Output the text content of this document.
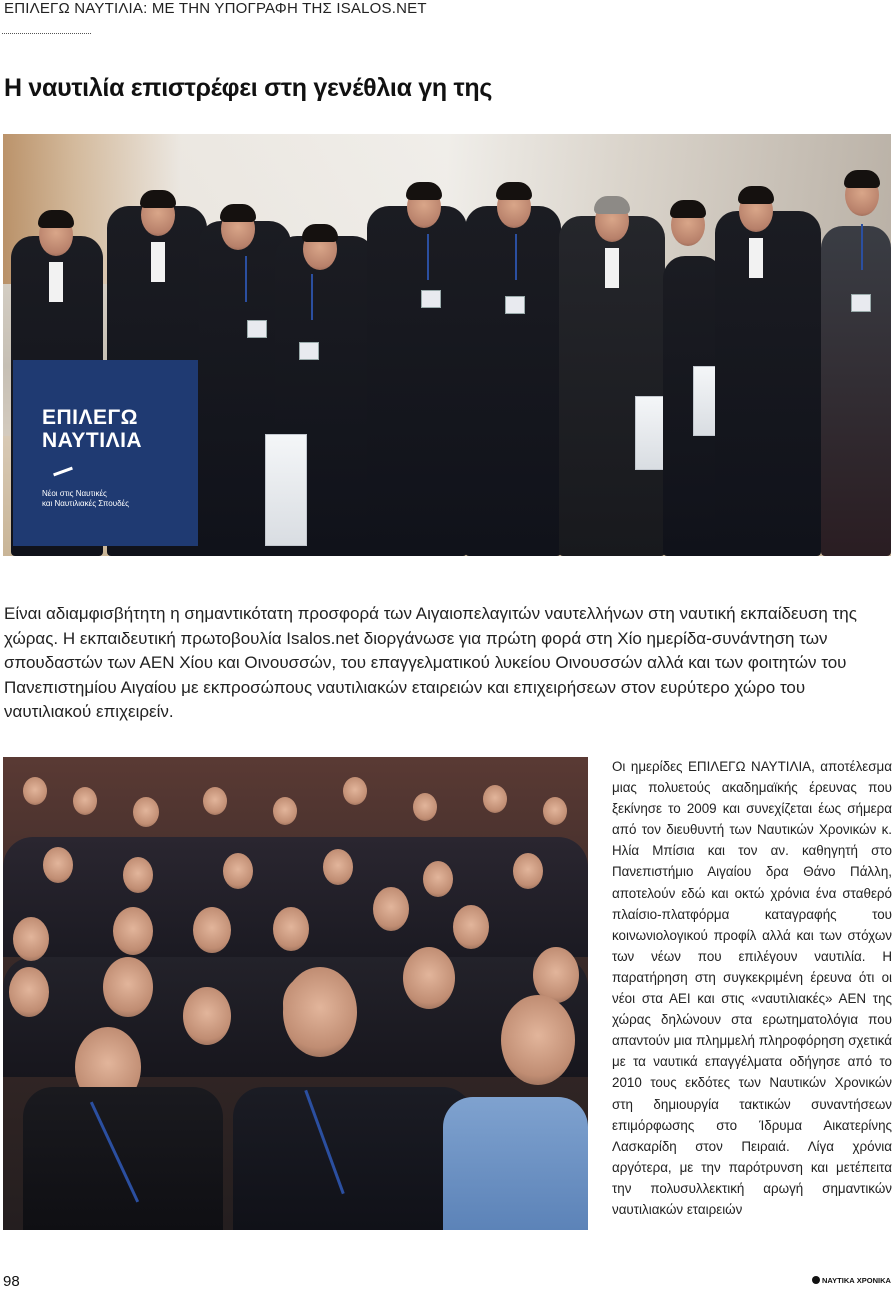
ΕΠΙΛΕΓΩ ΝΑΥΤΙΛΙΑ: ΜΕ ΤΗΝ ΥΠΟΓΡΑΦΗ ΤΗΣ ISALOS.NET
Η ναυτιλία επιστρέφει στη γενέθλια γη της
ΕΠΙΛΕΓΩ
ΝΑΥΤΙΛΙΑ
Νέοι στις Ναυτικές
και Ναυτιλιακές Σπουδές

Είναι αδιαμφισβήτητη η σημαντικότατη προσφορά των Αιγαιοπελαγιτών ναυτελλήνων στη ναυτική εκπαίδευση της χώρας. Η εκπαιδευτική πρωτοβουλία Isalos.net διοργάνωσε για πρώτη φορά στη Χίο ημερίδα-συνάντηση των σπουδαστών των ΑΕΝ Χίου και Οινουσσών, του επαγγελματικού λυκείου Οινουσσών αλλά και των φοιτητών του Πανεπιστημίου Αιγαίου με εκπροσώπους ναυτιλιακών εταιρειών και επιχειρήσεων στον ευρύτερο χώρο του ναυτιλιακού επιχειρείν.

Οι ημερίδες ΕΠΙΛΕΓΩ ΝΑΥΤΙΛΙΑ, αποτέλεσμα μιας πολυετούς ακαδημαϊκής έρευνας που ξεκίνησε το 2009 και συνεχίζεται έως σήμερα από τον διευθυντή των Ναυτικών Χρονικών κ. Ηλία Μπίσια και τον αν. καθηγητή στο Πανεπιστήμιο Αιγαίου δρα Θάνο Πάλλη, αποτελούν εδώ και οκτώ χρόνια ένα σταθερό πλαίσιο-πλατφόρμα καταγραφής του κοινωνιολογικού προφίλ αλλά και των στόχων των νέων που επιλέγουν ναυτιλία. Η παρατήρηση στη συγκεκριμένη έρευνα ότι οι νέοι στα ΑΕΙ και στις «ναυτιλιακές» ΑΕΝ της χώρας δηλώνουν στα ερωτηματολόγια που απαντούν μια πλημμελή πληροφόρηση σχετικά με τα ναυτικά επαγγέλματα οδήγησε από το 2010 τους εκδότες των Ναυτικών Χρονικών στη δημιουργία τακτικών συναντήσεων επιμόρφωσης στο Ίδρυμα Αικατερίνης Λασκαρίδη στον Πειραιά. Λίγα χρόνια αργότερα, με την παρότρυνση και μετέπειτα την πολυσυλλεκτική αρωγή σημαντικών ναυτιλιακών εταιρειών

98	ΝΑΥΤΙΚΑ ΧΡΟΝΙΚΑ
